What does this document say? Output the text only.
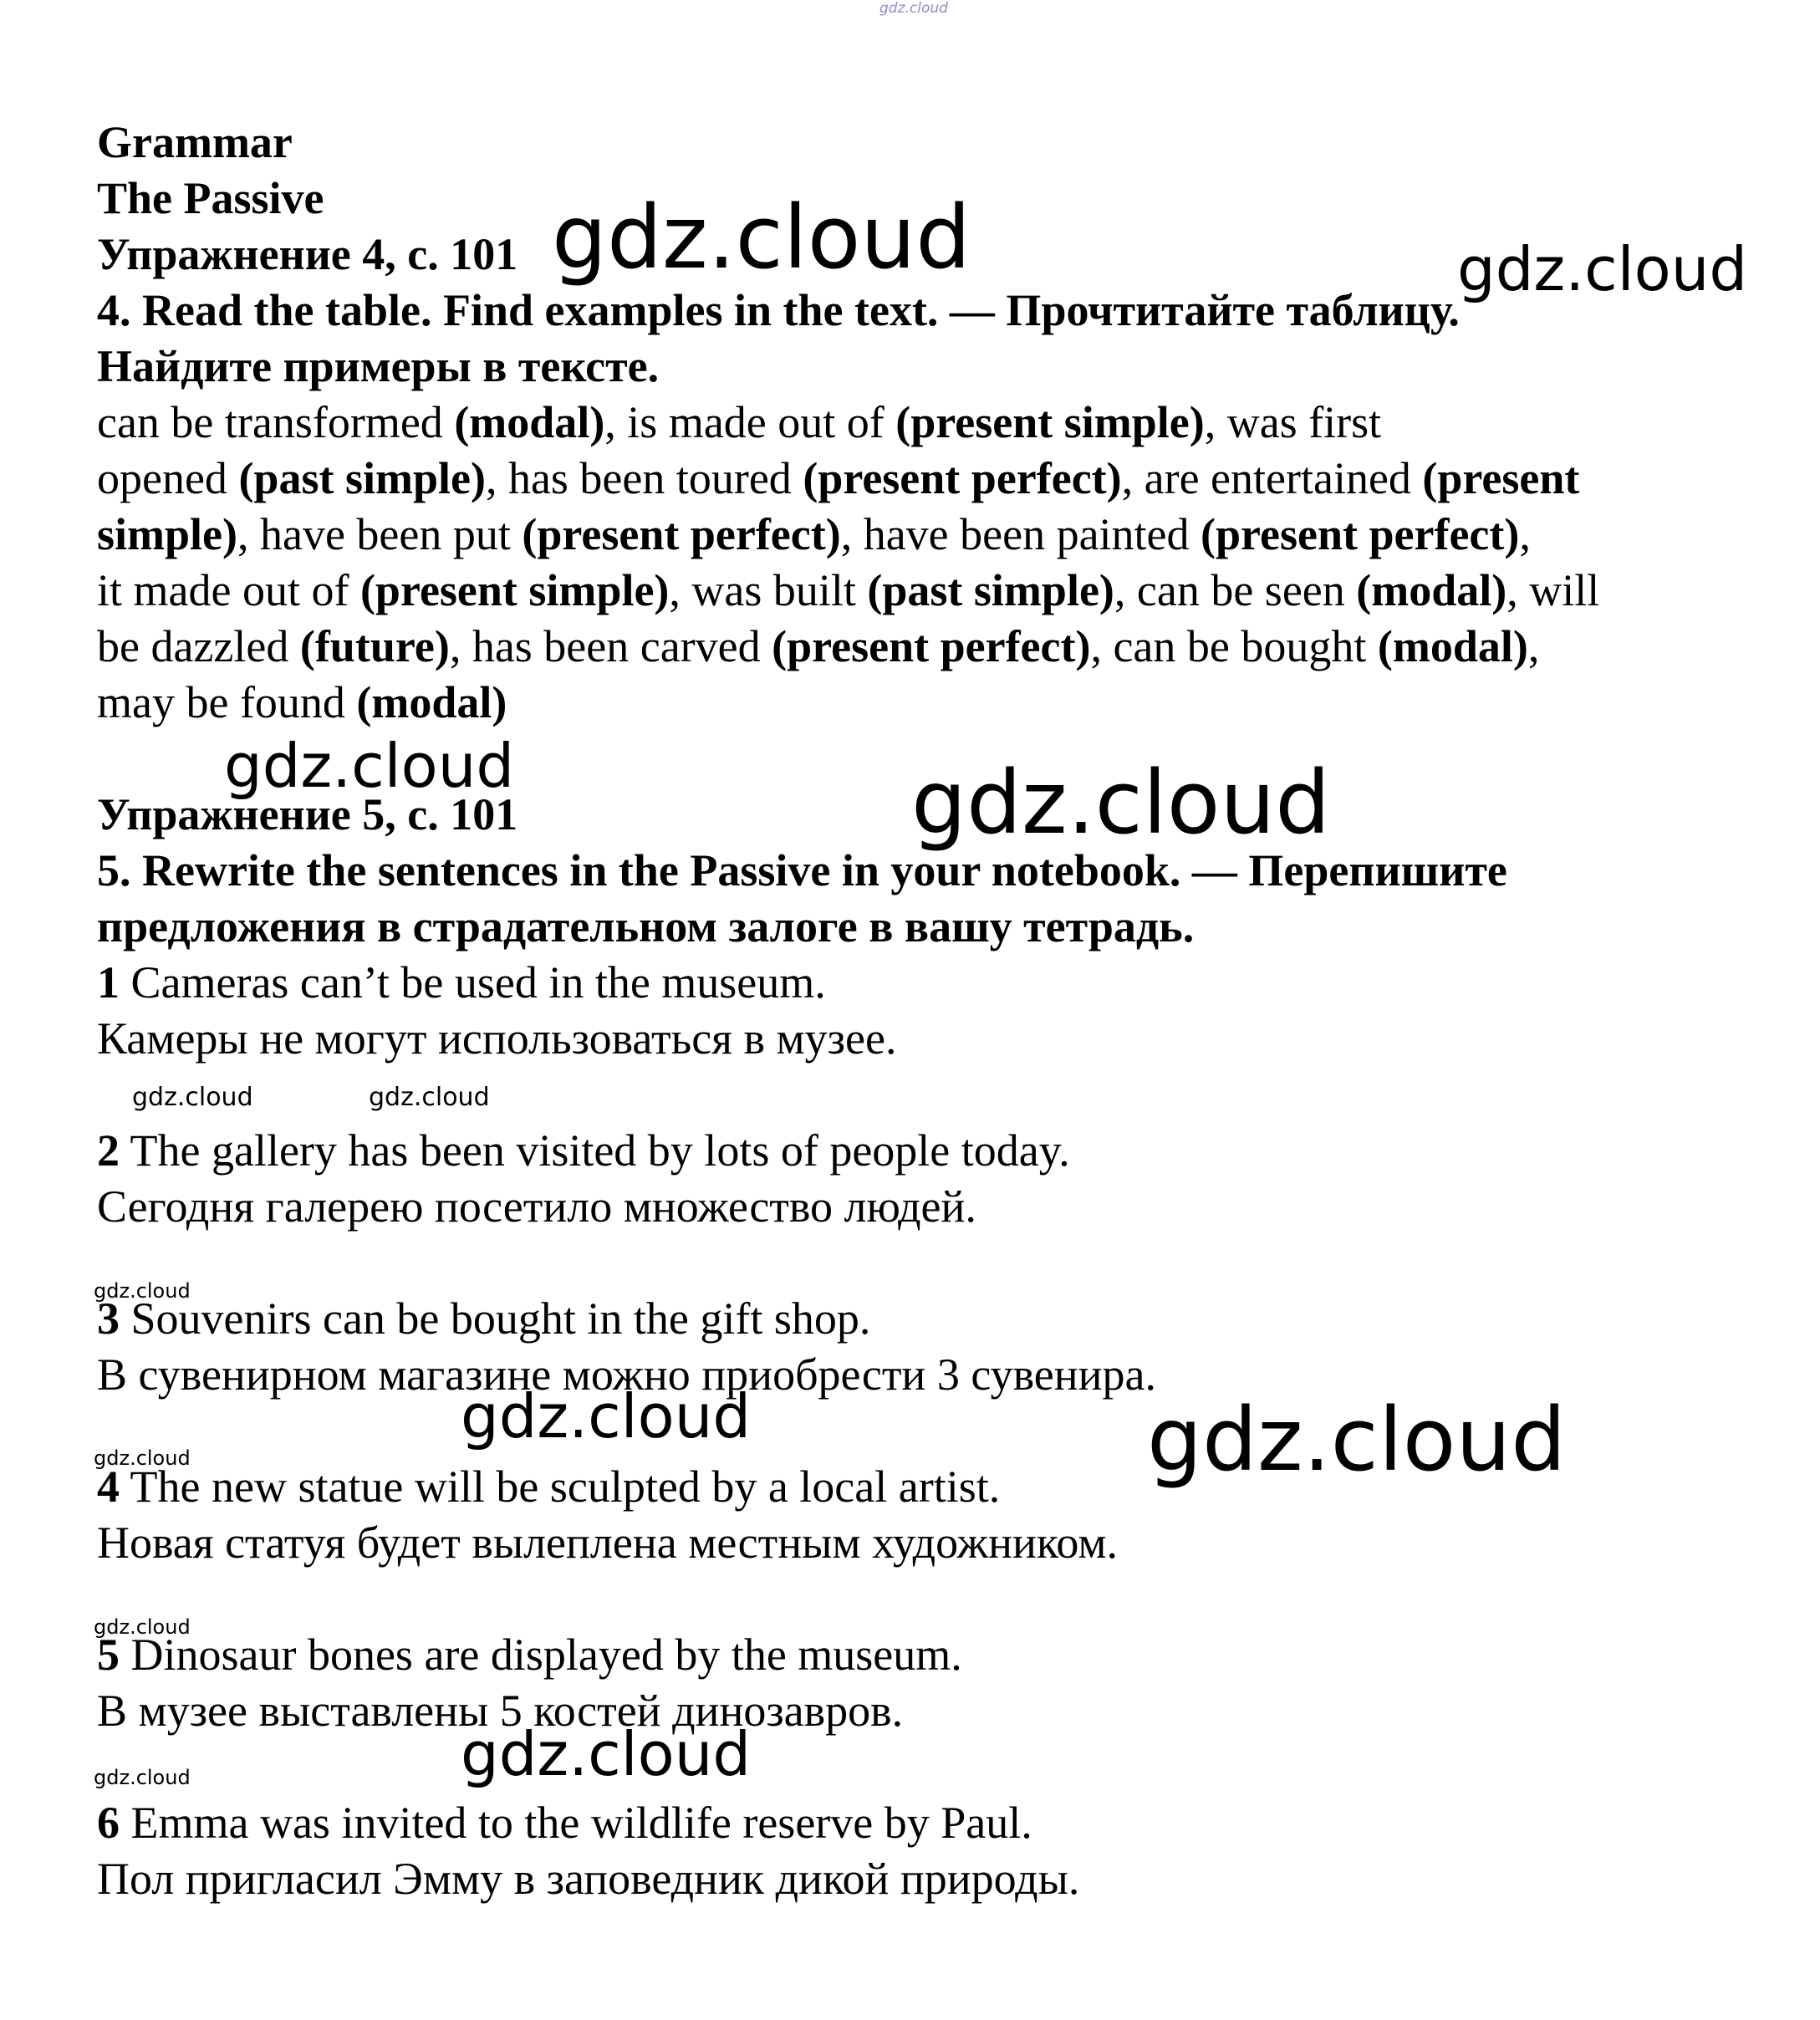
gdz.cloud
Grammar
The Passive
Упражнение 4, с. 101
4. Read the table. Find examples in the text. — Прочтитайте таблицу.
Найдите примеры в тексте.
can be transformed (modal), is made out of (present simple), was first
opened (past simple), has been toured (present perfect), are entertained (present
simple), have been put (present perfect), have been painted (present perfect),
it made out of (present simple), was built (past simple), can be seen (modal), will
be dazzled (future), has been carved (present perfect), can be bought (modal),
may be found (modal)
Упражнение 5, с. 101
5. Rewrite the sentences in the Passive in your notebook. — Перепишите
предложения в страдательном залоге в вашу тетрадь.
1 Cameras can’t be used in the museum.
Камеры не могут использоваться в музее.
2 The gallery has been visited by lots of people today.
Сегодня галерею посетило множество людей.
3 Souvenirs can be bought in the gift shop.
В сувенирном магазине можно приобрести 3 сувенира.
4 The new statue will be sculpted by a local artist.
Новая статуя будет вылеплена местным художником.
5 Dinosaur bones are displayed by the museum.
В музее выставлены 5 костей динозавров.
6 Emma was invited to the wildlife reserve by Paul.
Пол пригласил Эмму в заповедник дикой природы.
gdz.cloud	gdz.cloud
gdz.cloud	gdz.cloud
gdz.cloud	gdz.cloud
gdz.cloud
gdz.cloud	gdz.cloud
gdz.cloud
gdz.cloud
gdz.cloud
gdz.cloud
